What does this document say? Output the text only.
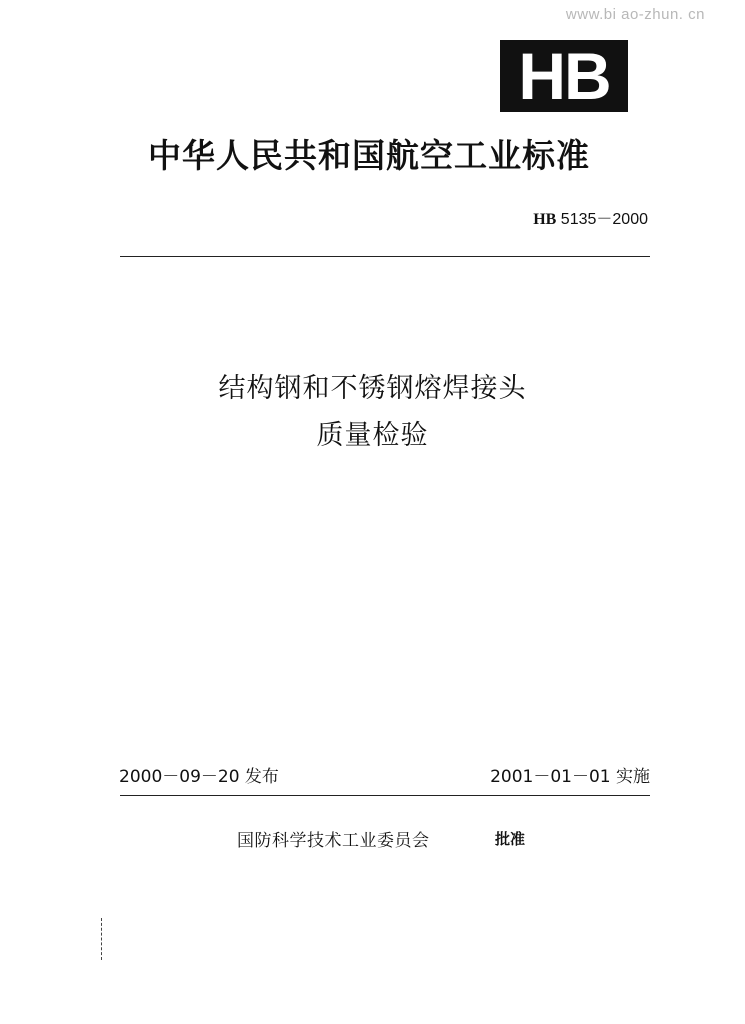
www.bi ao-zhun. cn
HB
中华人民共和国航空工业标准
HB 5135－2000
结构钢和不锈钢熔焊接头
质量检验
2000－09－20 发布	2001－01－01 实施
国防科学技术工业委员会	批准
